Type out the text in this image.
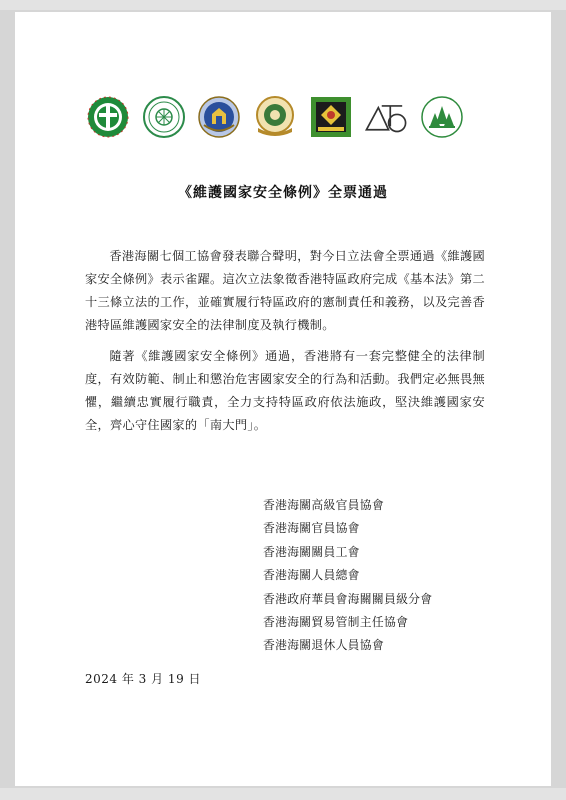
《維護國家安全條例》全票通過

香港海關七個工協會發表聯合聲明，對今日立法會全票通過《維護國家安全條例》表示雀躍。這次立法象徵香港特區政府完成《基本法》第二十三條立法的工作，並確實履行特區政府的憲制責任和義務，以及完善香港特區維護國家安全的法律制度及執行機制。

隨著《維護國家安全條例》通過，香港將有一套完整健全的法律制度，有效防範、制止和懲治危害國家安全的行為和活動。我們定必無畏無懼，繼續忠實履行職責，全力支持特區政府依法施政，堅決維護國家安全，齊心守住國家的「南大門」。

香港海關高級官員協會
香港海關官員協會
香港海關關員工會
香港海關人員總會
香港政府華員會海關關員級分會
香港海關貿易管制主任協會
香港海關退休人員協會
2024 年 3 月 19 日
